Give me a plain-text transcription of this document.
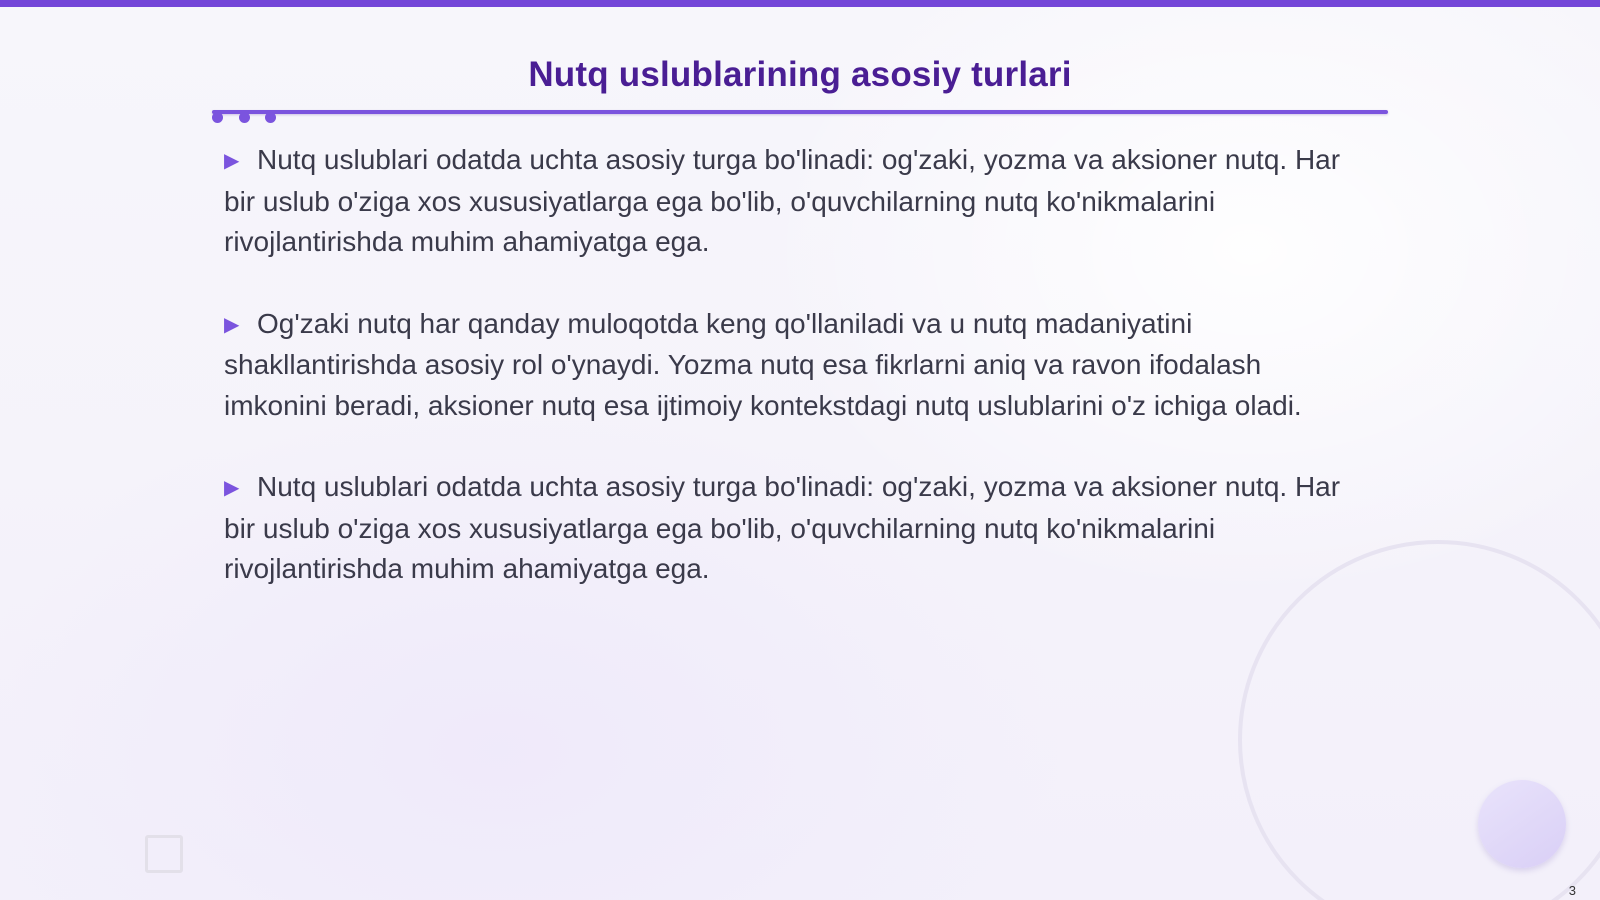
Nutq uslublarining asosiy turlari

▶ Nutq uslublari odatda uchta asosiy turga bo'linadi: og'zaki, yozma va aksioner nutq. Har bir uslub o'ziga xos xususiyatlarga ega bo'lib, o'quvchilarning nutq ko'nikmalarini rivojlantirishda muhim ahamiyatga ega.

▶ Og'zaki nutq har qanday muloqotda keng qo'llaniladi va u nutq madaniyatini shakllantirishda asosiy rol o'ynaydi. Yozma nutq esa fikrlarni aniq va ravon ifodalash imkonini beradi, aksioner nutq esa ijtimoiy kontekstdagi nutq uslublarini o'z ichiga oladi.

▶ Nutq uslublari odatda uchta asosiy turga bo'linadi: og'zaki, yozma va aksioner nutq. Har bir uslub o'ziga xos xususiyatlarga ega bo'lib, o'quvchilarning nutq ko'nikmalarini rivojlantirishda muhim ahamiyatga ega.

3
